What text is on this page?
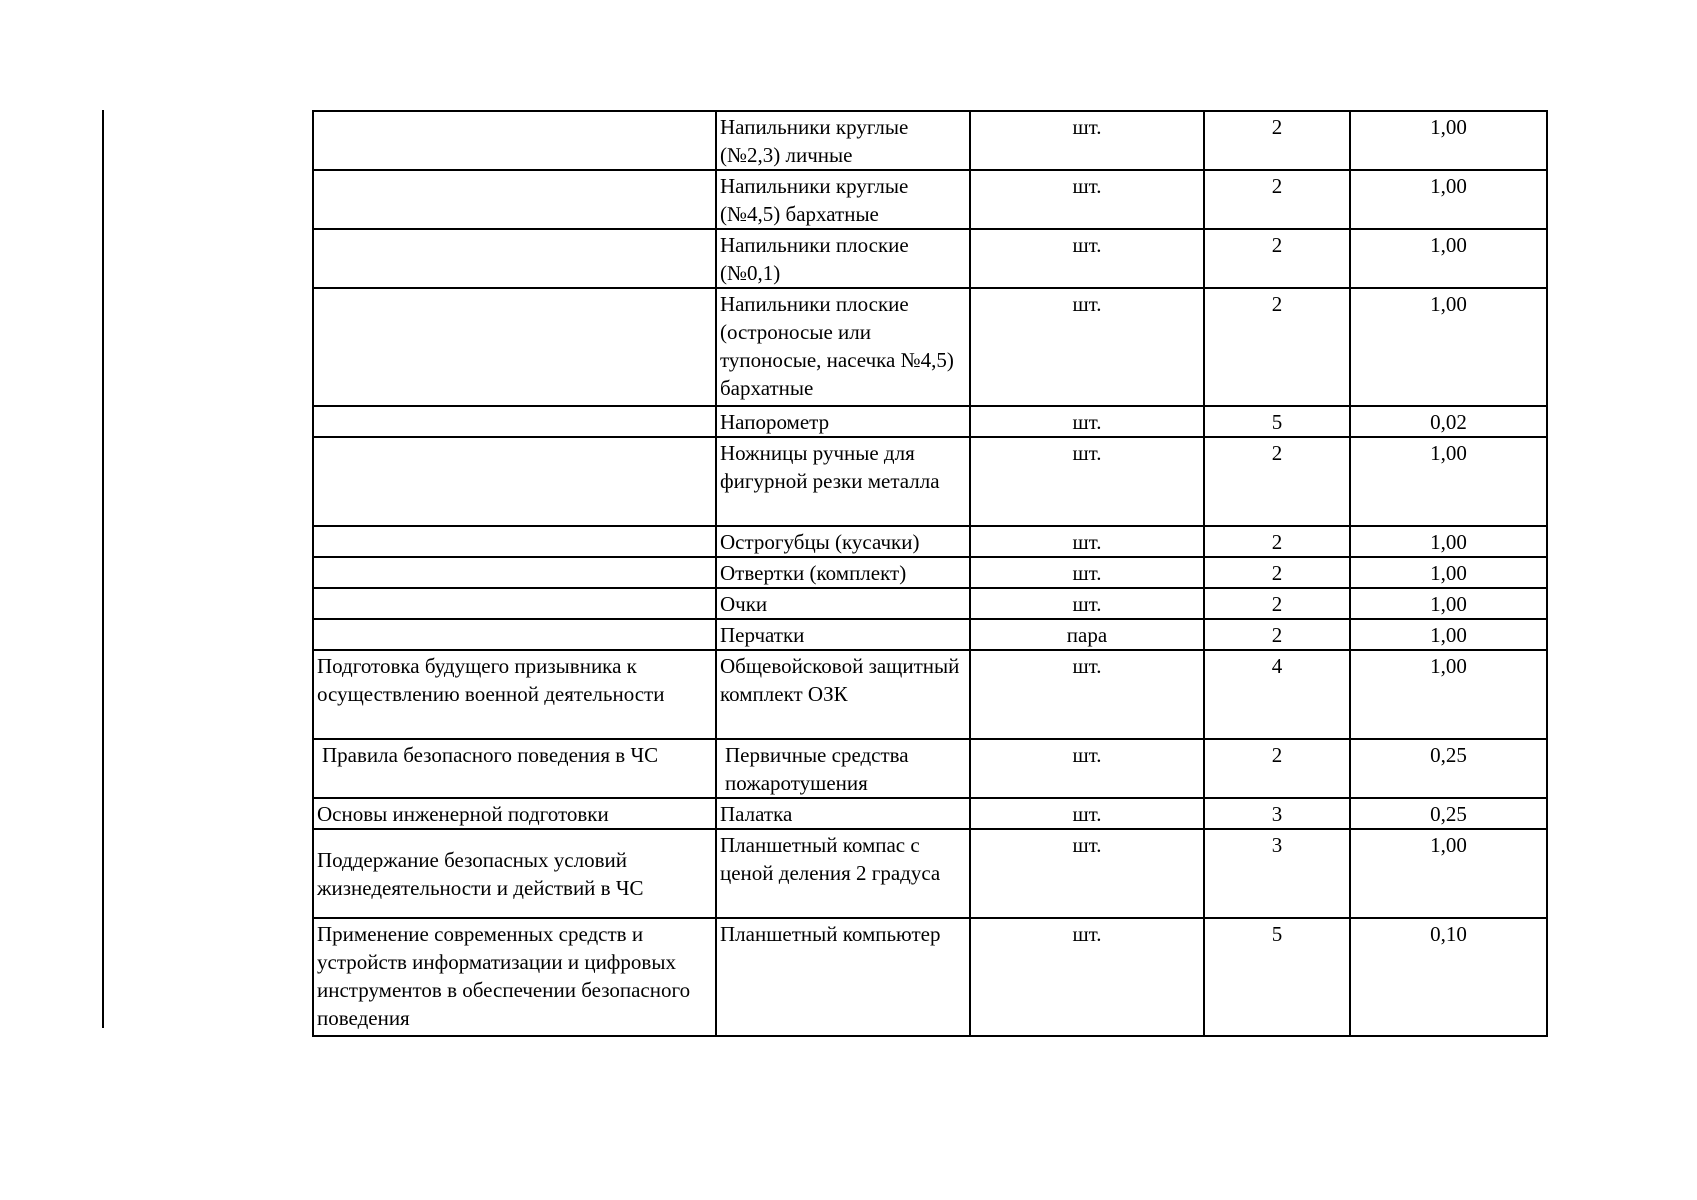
	Напильники круглые (№2,3) личные	шт.	2	1,00
	Напильники круглые (№4,5) бархатные	шт.	2	1,00
	Напильники плоские (№0,1)	шт.	2	1,00
	Напильники плоские (остроносые или тупоносые, насечка №4,5) бархатные	шт.	2	1,00
	Напорометр	шт.	5	0,02
	Ножницы ручные для фигурной резки металла	шт.	2	1,00
	Острогубцы (кусачки)	шт.	2	1,00
	Отвертки (комплект)	шт.	2	1,00
	Очки	шт.	2	1,00
	Перчатки	пара	2	1,00
Подготовка будущего призывника к осуществлению военной деятельности	Общевойсковой защитный комплект ОЗК	шт.	4	1,00
Правила безопасного поведения в ЧС	Первичные средства пожаротушения	шт.	2	0,25
Основы инженерной подготовки	Палатка	шт.	3	0,25
Поддержание безопасных условий жизнедеятельности и действий в ЧС	Планшетный компас с ценой деления 2 градуса	шт.	3	1,00
Применение современных средств и устройств информатизации и цифровых инструментов в обеспечении безопасного поведения	Планшетный компьютер	шт.	5	0,10
